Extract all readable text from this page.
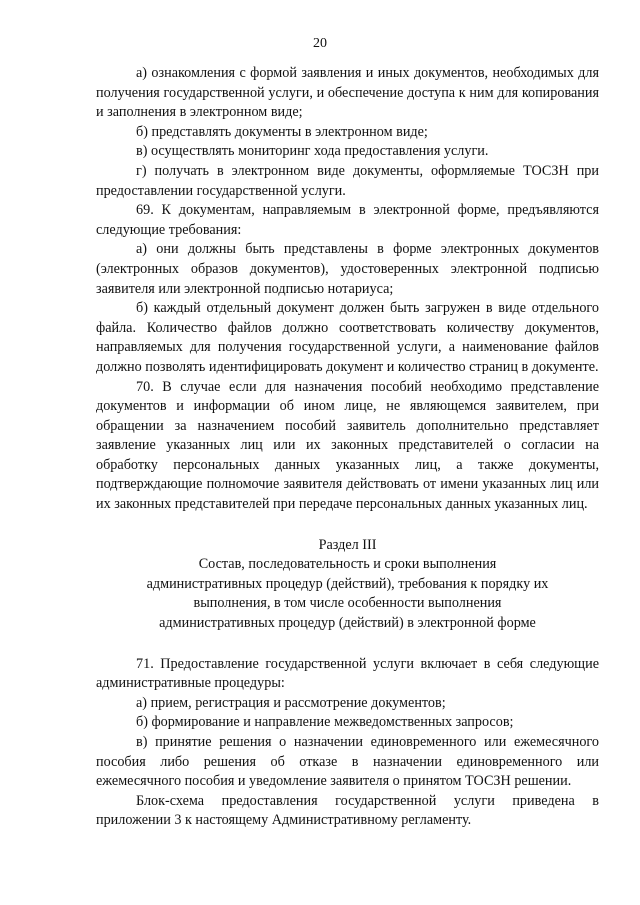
20

а) ознакомления с формой заявления и иных документов, необходимых для получения государственной услуги, и обеспечение доступа к ним для копирования и заполнения в электронном виде;

б) представлять документы в электронном виде;

в) осуществлять мониторинг хода предоставления услуги.

г) получать в электронном виде документы, оформляемые ТОСЗН при предоставлении государственной услуги.

69. К документам, направляемым в электронной форме, предъявляются следующие требования:

а) они должны быть представлены в форме электронных документов (электронных образов документов), удостоверенных электронной подписью заявителя или электронной подписью нотариуса;

б) каждый отдельный документ должен быть загружен в виде отдельного файла. Количество файлов должно соответствовать количеству документов, направляемых для получения государственной услуги, а наименование файлов должно позволять идентифицировать документ и количество страниц в документе.

70. В случае если для назначения пособий необходимо представление документов и информации об ином лице, не являющемся заявителем, при обращении за назначением пособий заявитель дополнительно представляет заявление указанных лиц или их законных представителей о согласии на обработку персональных данных указанных лиц, а также документы, подтверждающие полномочие заявителя действовать от имени указанных лиц или их законных представителей при передаче персональных данных указанных лиц.

Раздел III
Состав, последовательность и сроки выполнения
административных процедур (действий), требования к порядку их
выполнения, в том числе особенности выполнения
административных процедур (действий) в электронной форме

71. Предоставление государственной услуги включает в себя следующие административные процедуры:

а) прием, регистрация и рассмотрение документов;

б) формирование и направление межведомственных запросов;

в) принятие решения о назначении единовременного или ежемесячного пособия либо решения об отказе в назначении единовременного или ежемесячного пособия и уведомление заявителя о принятом ТОСЗН решении.

Блок-схема предоставления государственной услуги приведена в приложении 3 к настоящему Административному регламенту.
